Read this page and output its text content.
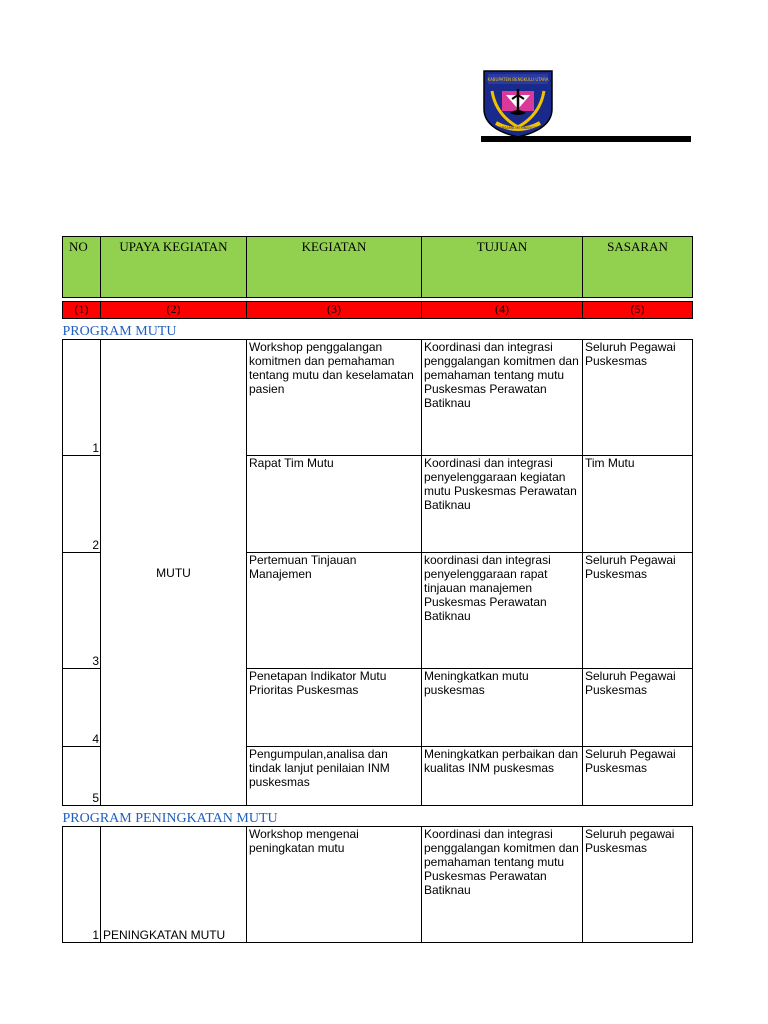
KABUPATEN BENGKULU UTARA
BERSAMA MEMBANGUN
NO	UPAYA KEGIATAN	KEGIATAN	TUJUAN	SASARAN

(1)	(2)	(3)	(4)	(5)
PROGRAM MUTU				
1	MUTU	Workshop penggalangan komitmen dan pemahaman tentang mutu dan keselamatan pasien	Koordinasi dan integrasi penggalangan komitmen dan pemahaman tentang mutu Puskesmas Perawatan Batiknau	Seluruh Pegawai Puskesmas
2		Rapat Tim Mutu	Koordinasi dan integrasi penyelenggaraan kegiatan mutu Puskesmas Perawatan Batiknau	Tim Mutu
3		Pertemuan Tinjauan Manajemen	koordinasi dan integrasi penyelenggaraan rapat tinjauan manajemen Puskesmas Perawatan Batiknau	Seluruh Pegawai Puskesmas
4		Penetapan Indikator Mutu Prioritas Puskesmas	Meningkatkan mutu puskesmas	Seluruh Pegawai Puskesmas
5		Pengumpulan,analisa dan tindak lanjut penilaian INM puskesmas	Meningkatkan perbaikan dan kualitas INM puskesmas	Seluruh Pegawai Puskesmas
PROGRAM PENINGKATAN MUTU				
1	PENINGKATAN MUTU	Workshop mengenai peningkatan mutu	Koordinasi dan integrasi penggalangan komitmen dan pemahaman tentang mutu Puskesmas Perawatan Batiknau	Seluruh pegawai Puskesmas
